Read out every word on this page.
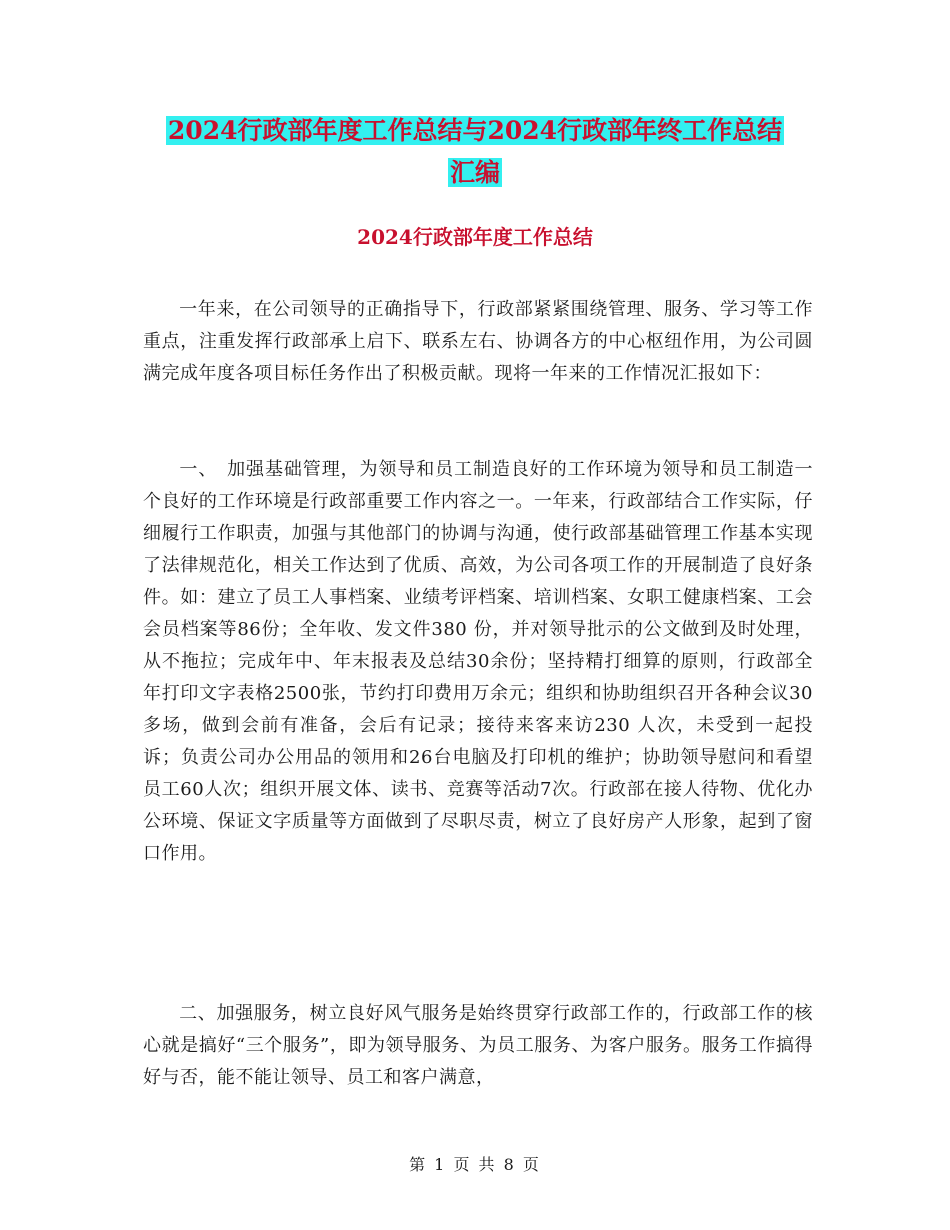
2024行政部年度工作总结与2024行政部年终工作总结
汇编
2024行政部年度工作总结

一年来，在公司领导的正确指导下，行政部紧紧围绕管理、服务、学习等工作重点，注重发挥行政部承上启下、联系左右、协调各方的中心枢纽作用，为公司圆满完成年度各项目标任务作出了积极贡献。现将一年来的工作情况汇报如下：

一、　加强基础管理，为领导和员工制造良好的工作环境为领导和员工制造一个良好的工作环境是行政部重要工作内容之一。一年来，行政部结合工作实际，仔细履行工作职责，加强与其他部门的协调与沟通，使行政部基础管理工作基本实现了法律规范化，相关工作达到了优质、高效，为公司各项工作的开展制造了良好条件。如：建立了员工人事档案、业绩考评档案、培训档案、女职工健康档案、工会会员档案等86份；全年收、发文件380 份，并对领导批示的公文做到及时处理，从不拖拉；完成年中、年末报表及总结30余份；坚持精打细算的原则，行政部全年打印文字表格2500张，节约打印费用万余元；组织和协助组织召开各种会议30多场，做到会前有准备，会后有记录；接待来客来访230 人次，未受到一起投诉；负责公司办公用品的领用和26台电脑及打印机的维护；协助领导慰问和看望员工60人次；组织开展文体、读书、竞赛等活动7次。行政部在接人待物、优化办公环境、保证文字质量等方面做到了尽职尽责，树立了良好房产人形象，起到了窗口作用。

二、加强服务，树立良好风气服务是始终贯穿行政部工作的，行政部工作的核心就是搞好“三个服务”，即为领导服务、为员工服务、为客户服务。服务工作搞得好与否，能不能让领导、员工和客户满意，

第 1 页 共 8 页
